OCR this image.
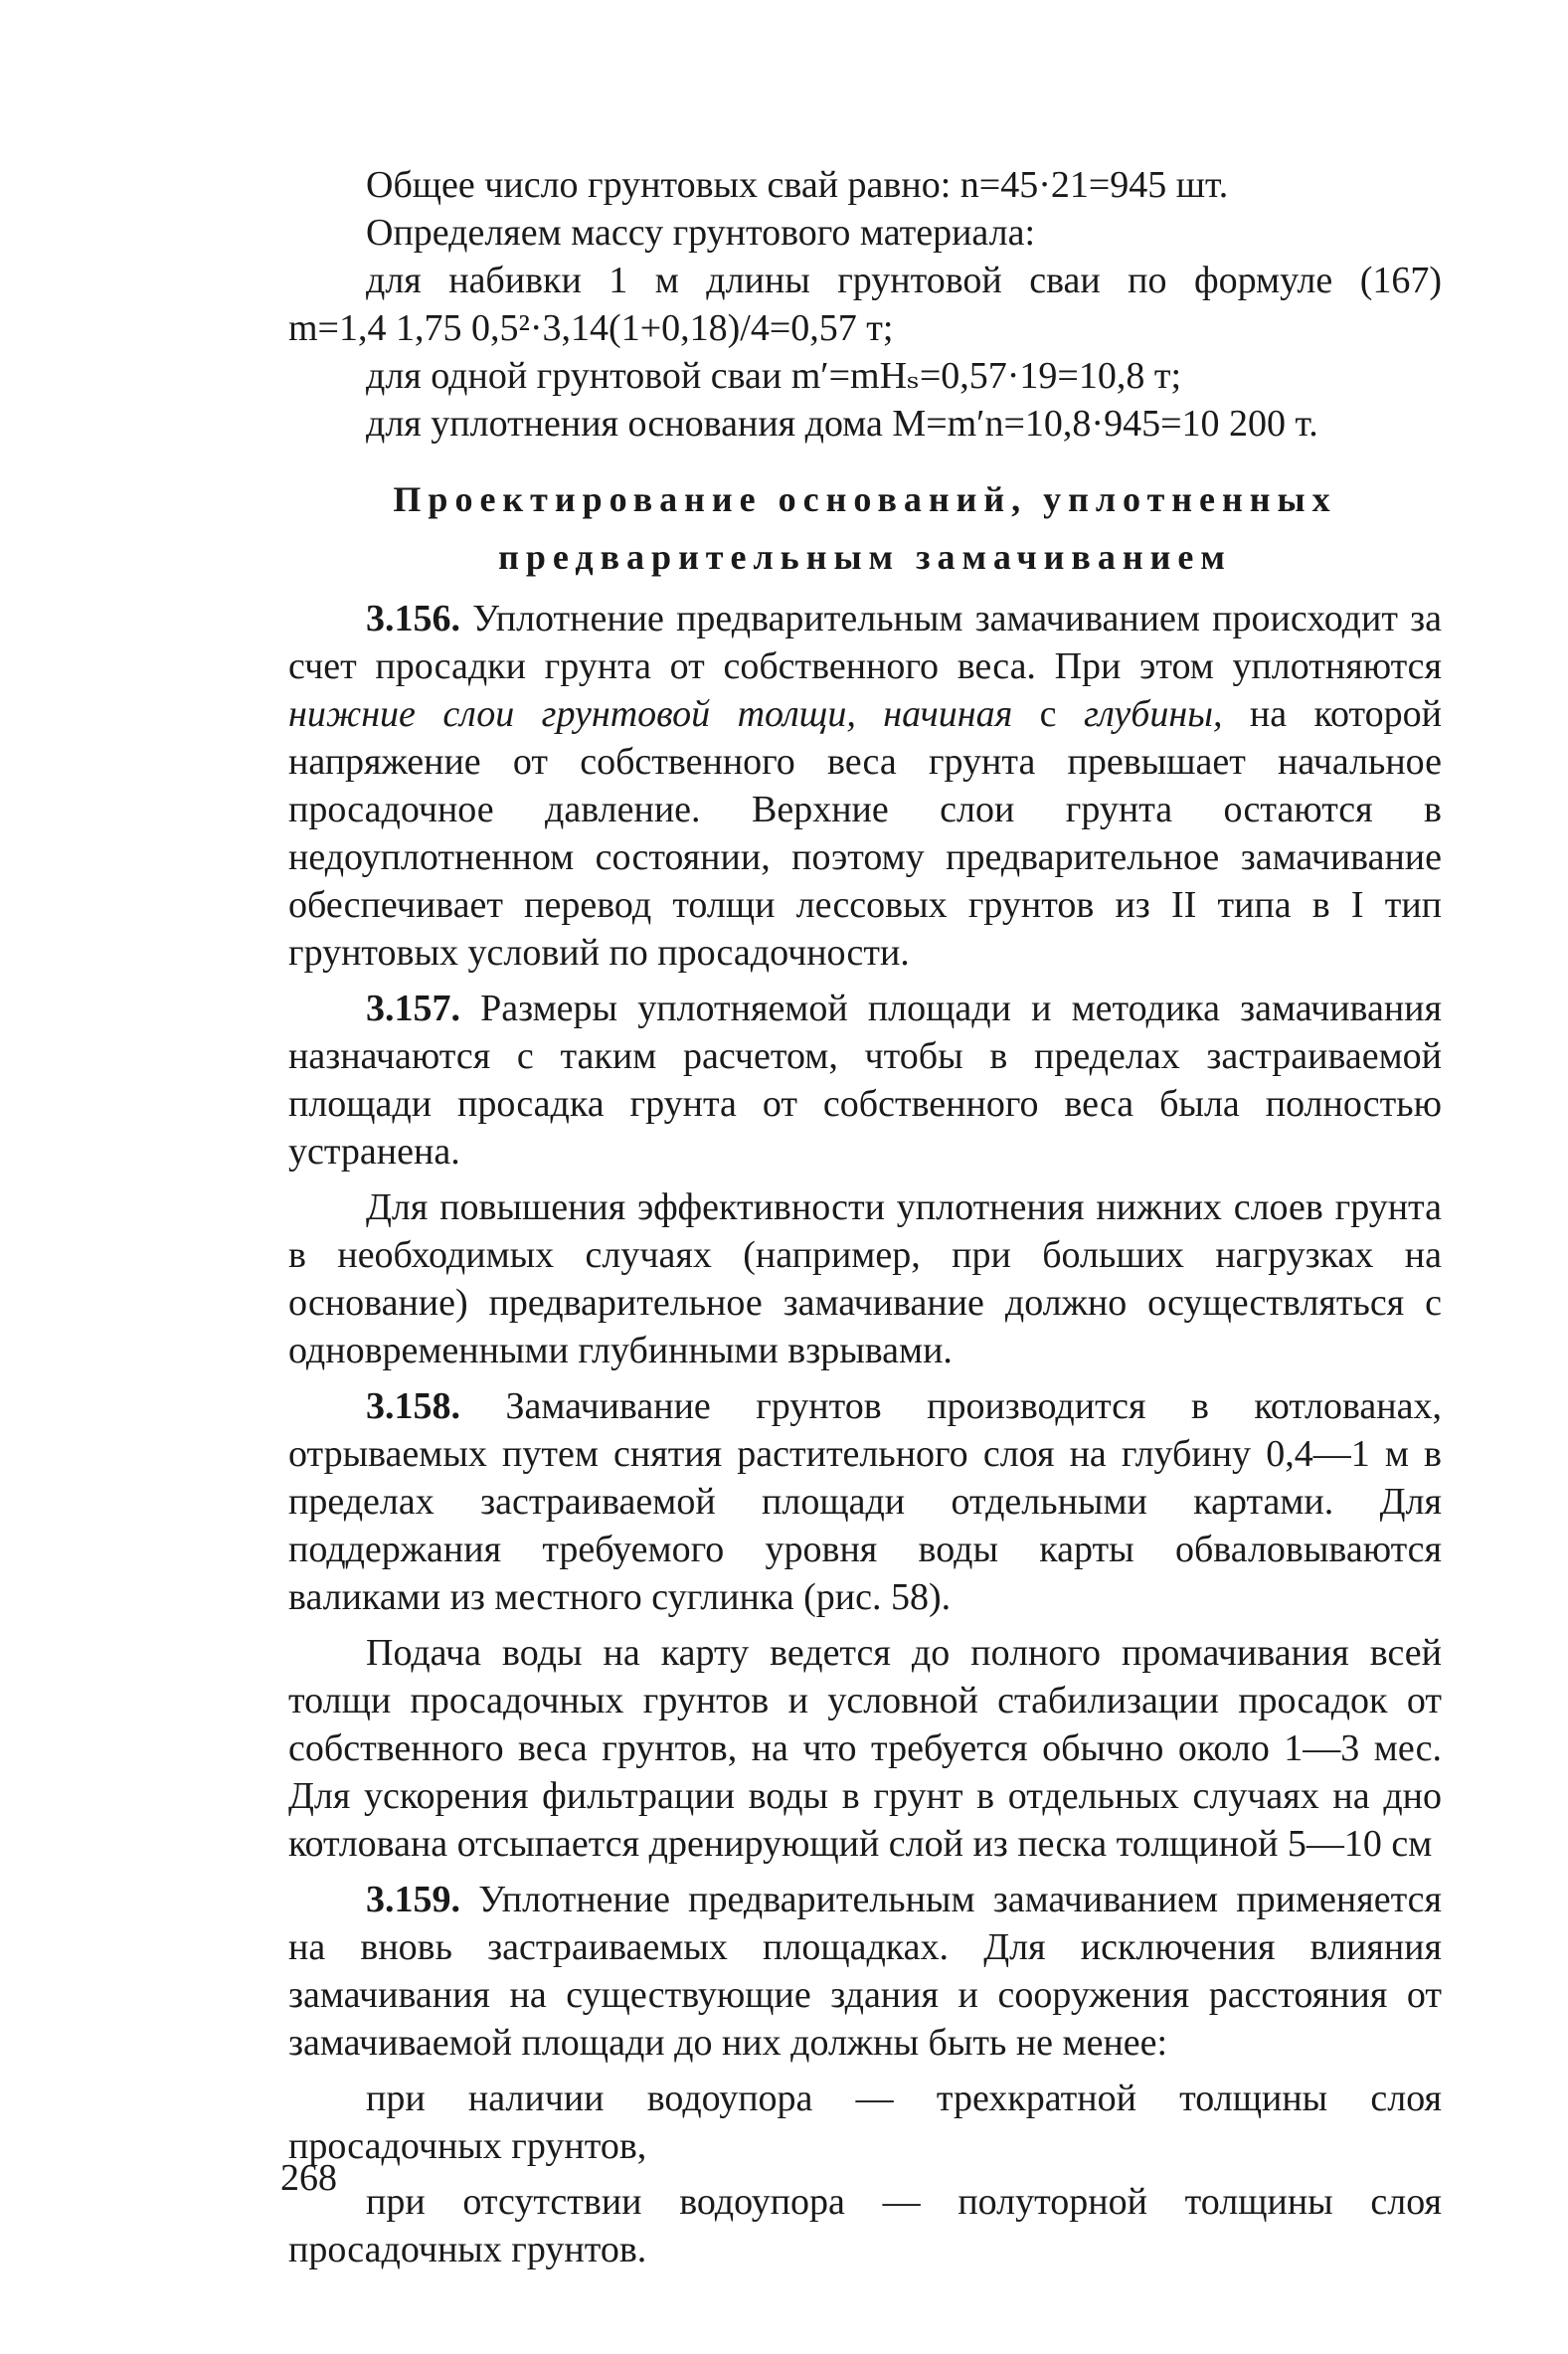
Общее число грунтовых свай равно: n=45·21=945 шт.

Определяем массу грунтового материала:

для набивки 1 м длины грунтовой сваи по формуле (167)

m=1,4 1,75 0,5²·3,14(1+0,18)/4=0,57 т;

для одной грунтовой сваи m′=mHₛ=0,57·19=10,8 т;

для уплотнения основания дома M=m′n=10,8·945=10 200 т.

Проектирование оснований, уплотненных
предварительным замачиванием

3.156. Уплотнение предварительным замачиванием происходит за счет просадки грунта от собственного веса. При этом уплотняются нижние слои грунтовой толщи, начиная с глубины, на которой напряжение от собственного веса грунта превышает начальное просадочное давление. Верхние слои грунта остаются в недоуплотненном состоянии, поэтому предварительное замачивание обеспечивает перевод толщи лессовых грунтов из II типа в I тип грунтовых условий по просадочности.

3.157. Размеры уплотняемой площади и методика замачивания назначаются с таким расчетом, чтобы в пределах застраиваемой площади просадка грунта от собственного веса была полностью устранена.

Для повышения эффективности уплотнения нижних слоев грунта в необходимых случаях (например, при больших нагрузках на основание) предварительное замачивание должно осуществляться с одновременными глубинными взрывами.

3.158. Замачивание грунтов производится в котлованах, отрываемых путем снятия растительного слоя на глубину 0,4—1 м в пределах застраиваемой площади отдельными картами. Для поддержания требуемого уровня воды карты обваловываются валиками из местного суглинка (рис. 58).

Подача воды на карту ведется до полного промачивания всей толщи просадочных грунтов и условной стабилизации просадок от собственного веса грунтов, на что требуется обычно около 1—3 мес. Для ускорения фильтрации воды в грунт в отдельных случаях на дно котлована отсыпается дренирующий слой из песка толщиной 5—10 см

3.159. Уплотнение предварительным замачиванием применяется на вновь застраиваемых площадках. Для исключения влияния замачивания на существующие здания и сооружения расстояния от замачиваемой площади до них должны быть не менее:

при наличии водоупора — трехкратной толщины слоя просадочных грунтов,

при отсутствии водоупора — полуторной толщины слоя просадочных грунтов.

268
